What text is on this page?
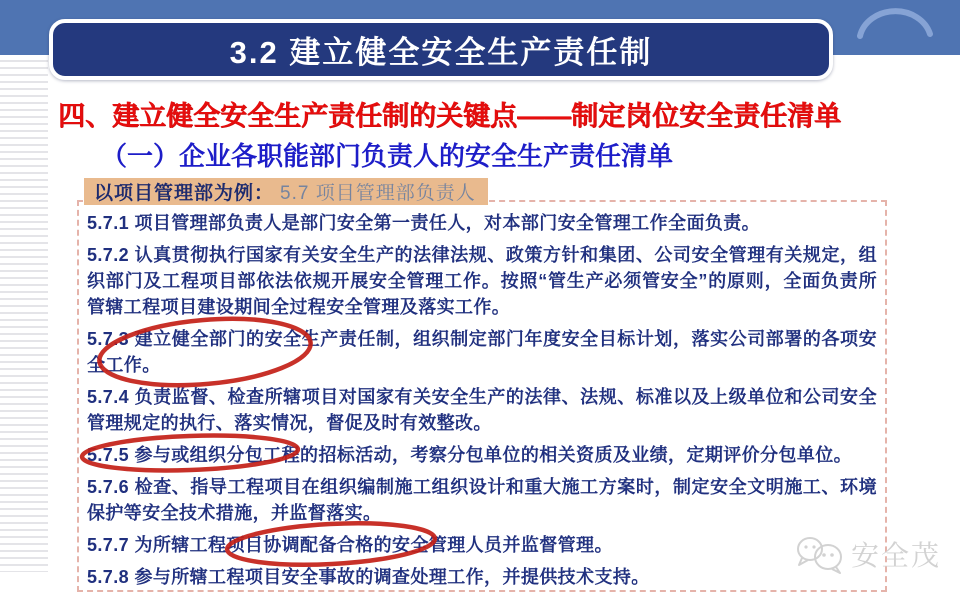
3.2 建立健全安全生产责任制
四、建立健全安全生产责任制的关键点——制定岗位安全责任清单
（一）企业各职能部门负责人的安全生产责任清单
以项目管理部为例： 5.7 项目管理部负责人

5.7.1 项目管理部负责人是部门安全第一责任人，对本部门安全管理工作全面负责。

5.7.2 认真贯彻执行国家有关安全生产的法律法规、政策方针和集团、公司安全管理有关规定，组织部门及工程项目部依法依规开展安全管理工作。按照“管生产必须管安全”的原则，全面负责所管辖工程项目建设期间全过程安全管理及落实工作。

5.7.3 建立健全部门的安全生产责任制，组织制定部门年度安全目标计划，落实公司部署的各项安全工作。

5.7.4 负责监督、检查所辖项目对国家有关安全生产的法律、法规、标准以及上级单位和公司安全管理规定的执行、落实情况，督促及时有效整改。

5.7.5 参与或组织分包工程的招标活动，考察分包单位的相关资质及业绩，定期评价分包单位。

5.7.6 检查、指导工程项目在组织编制施工组织设计和重大施工方案时，制定安全文明施工、环境保护等安全技术措施，并监督落实。

5.7.7 为所辖工程项目协调配备合格的安全管理人员并监督管理。

5.7.8 参与所辖工程项目安全事故的调查处理工作，并提供技术支持。

安全茂
